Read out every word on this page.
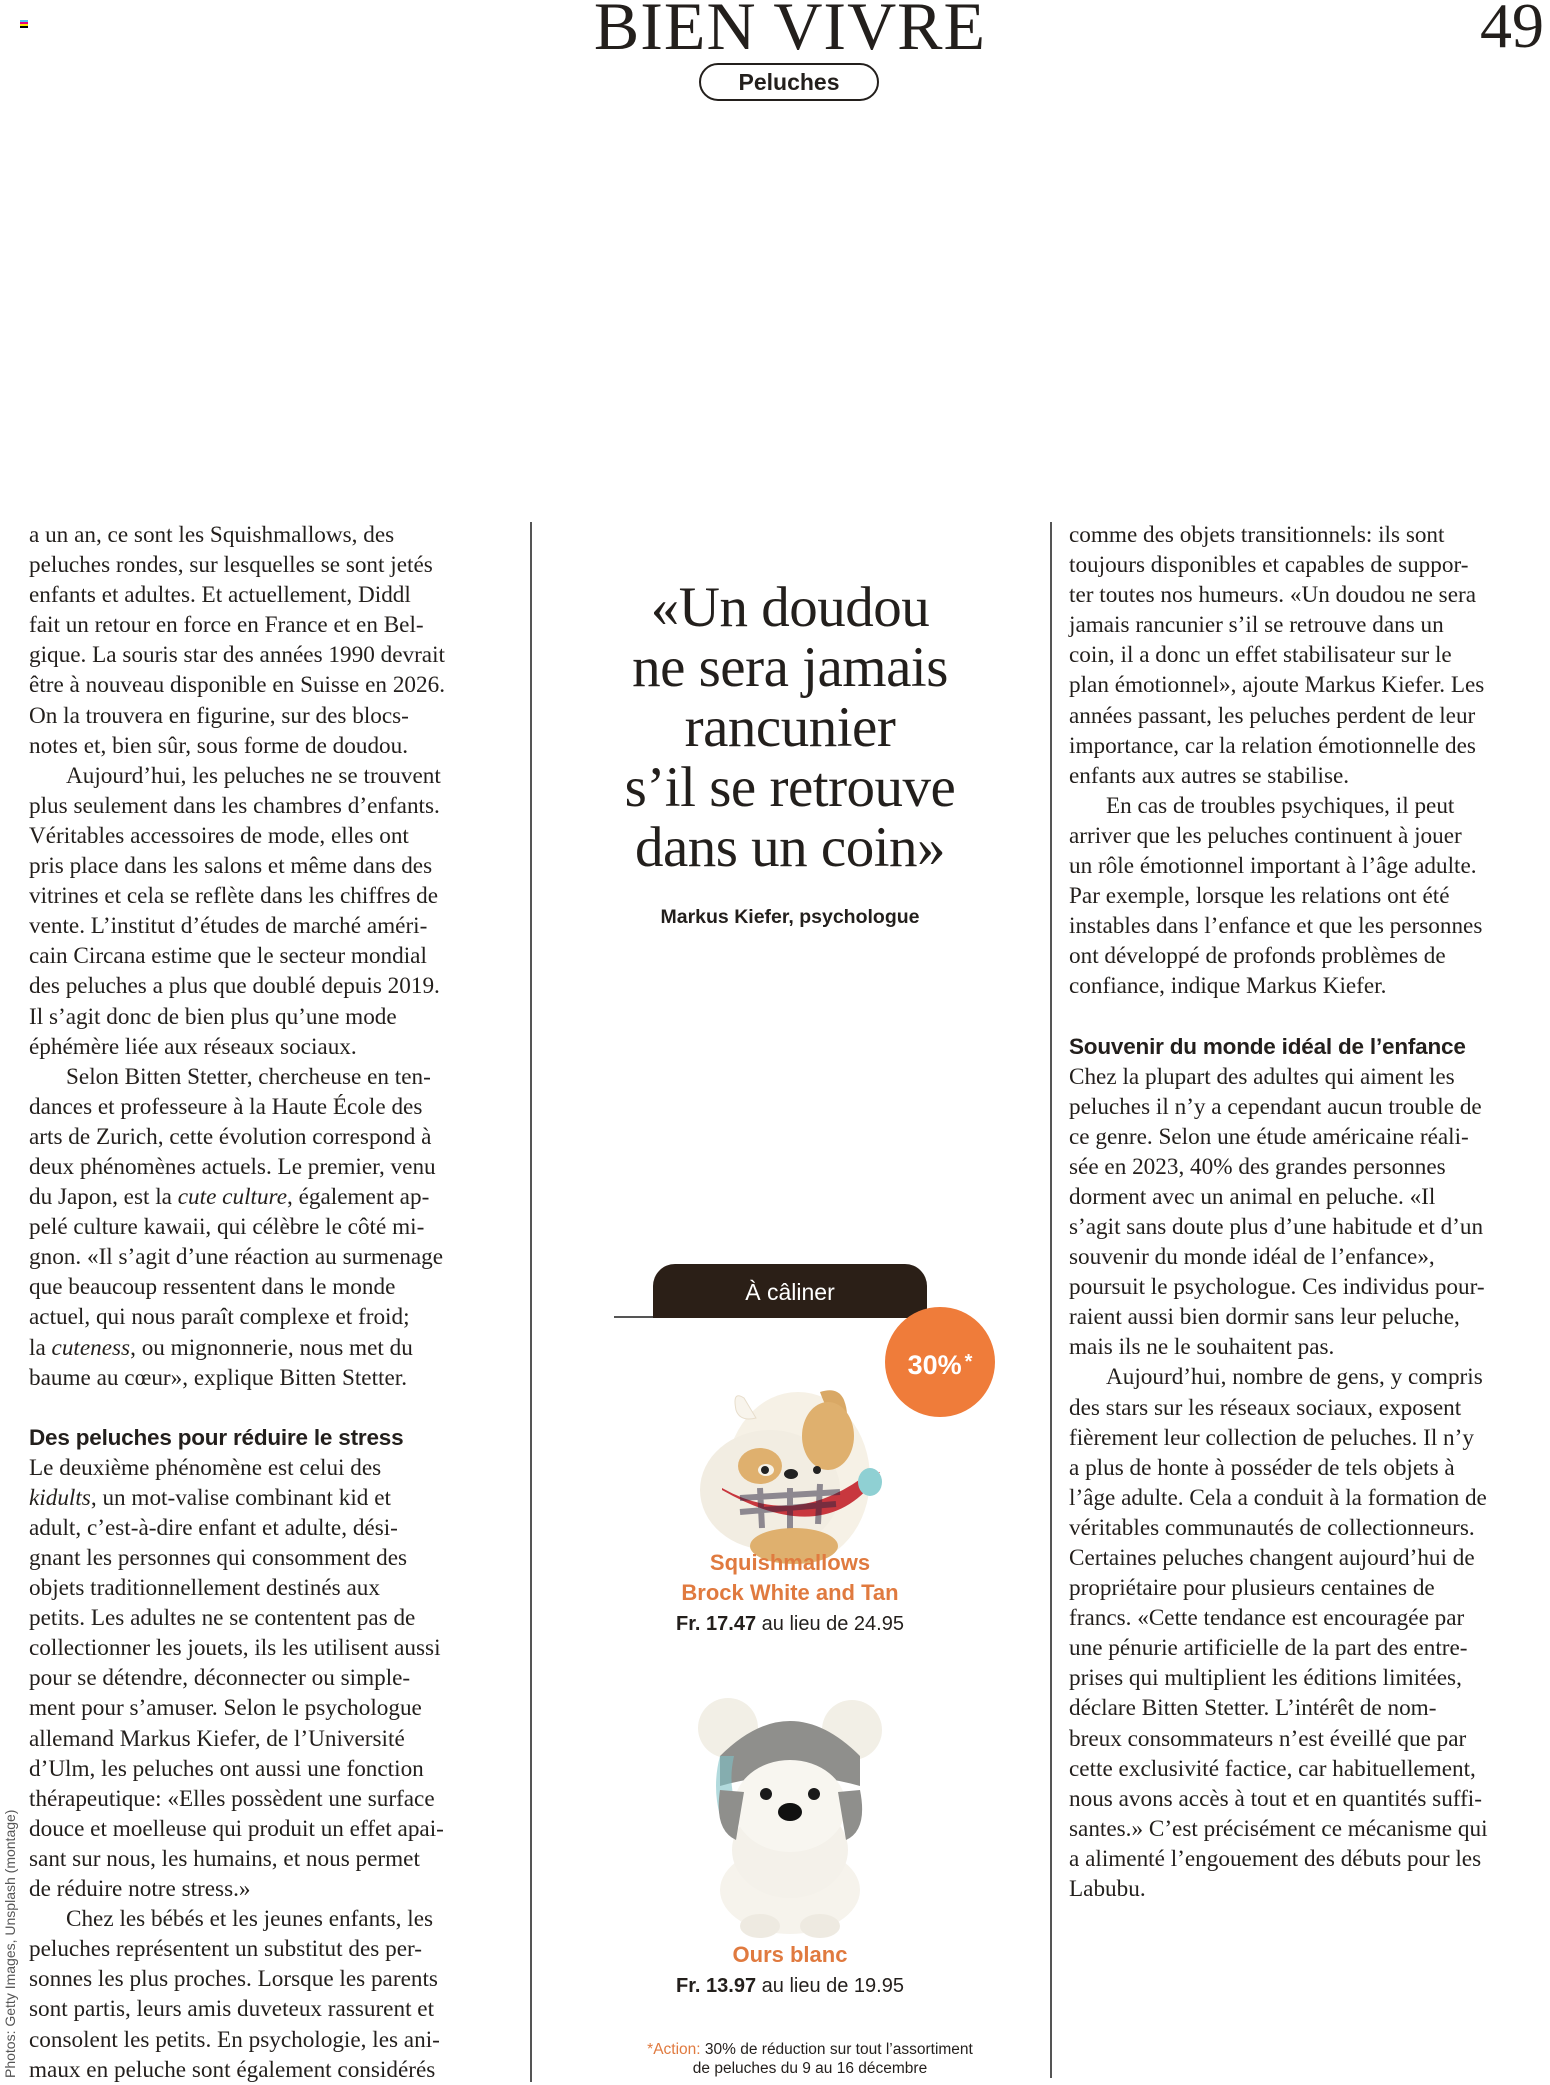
BIEN VIVRE	49
Peluches
Photos: Getty Images, Unsplash (montage)

a un an, ce sont les Squishmallows, des
peluches rondes, sur lesquelles se sont jetés
enfants et adultes. Et actuellement, Diddl
fait un retour en force en France et en Bel-
gique. La souris star des années 1990 devrait
être à nouveau disponible en Suisse en 2026.
On la trouvera en figurine, sur des blocs-
notes et, bien sûr, sous forme de doudou.

Aujourd’hui, les peluches ne se trouvent
plus seulement dans les chambres d’enfants.
Véritables accessoires de mode, elles ont
pris place dans les salons et même dans des
vitrines et cela se reflète dans les chiffres de
vente. L’institut d’études de marché améri-
cain Circana estime que le secteur mondial
des peluches a plus que doublé depuis 2019.
Il s’agit donc de bien plus qu’une mode
éphémère liée aux réseaux sociaux.

Selon Bitten Stetter, chercheuse en ten-
dances et professeure à la Haute École des
arts de Zurich, cette évolution correspond à
deux phénomènes actuels. Le premier, venu
du Japon, est la cute culture, également ap-
pelé culture kawaii, qui célèbre le côté mi-
gnon. «Il s’agit d’une réaction au surmenage
que beaucoup ressentent dans le monde
actuel, qui nous paraît complexe et froid;
la cuteness, ou mignonnerie, nous met du
baume au cœur», explique Bitten Stetter.

Des peluches pour réduire le stress

Le deuxième phénomène est celui des
kidults, un mot-valise combinant kid et
adult, c’est-à-dire enfant et adulte, dési-
gnant les personnes qui consomment des
objets traditionnellement destinés aux
petits. Les adultes ne se contentent pas de
collectionner les jouets, ils les utilisent aussi
pour se détendre, déconnecter ou simple-
ment pour s’amuser. Selon le psychologue
allemand Markus Kiefer, de l’Université
d’Ulm, les peluches ont aussi une fonction
thérapeutique: «Elles possèdent une surface
douce et moelleuse qui produit un effet apai-
sant sur nous, les humains, et nous permet
de réduire notre stress.»

Chez les bébés et les jeunes enfants, les
peluches représentent un substitut des per-
sonnes les plus proches. Lorsque les parents
sont partis, leurs amis duveteux rassurent et
consolent les petits. En psychologie, les ani-
maux en peluche sont également considérés

comme des objets transitionnels: ils sont
toujours disponibles et capables de suppor-
ter toutes nos humeurs. «Un doudou ne sera
jamais rancunier s’il se retrouve dans un
coin, il a donc un effet stabilisateur sur le
plan émotionnel», ajoute Markus Kiefer. Les
années passant, les peluches perdent de leur
importance, car la relation émotionnelle des
enfants aux autres se stabilise.

En cas de troubles psychiques, il peut
arriver que les peluches continuent à jouer
un rôle émotionnel important à l’âge adulte.
Par exemple, lorsque les relations ont été
instables dans l’enfance et que les personnes
ont développé de profonds problèmes de
confiance, indique Markus Kiefer.

Souvenir du monde idéal de l’enfance

Chez la plupart des adultes qui aiment les
peluches il n’y a cependant aucun trouble de
ce genre. Selon une étude américaine réali-
sée en 2023, 40% des grandes personnes
dorment avec un animal en peluche. «Il
s’agit sans doute plus d’une habitude et d’un
souvenir du monde idéal de l’enfance»,
poursuit le psychologue. Ces individus pour-
raient aussi bien dormir sans leur peluche,
mais ils ne le souhaitent pas.

Aujourd’hui, nombre de gens, y compris
des stars sur les réseaux sociaux, exposent
fièrement leur collection de peluches. Il n’y
a plus de honte à posséder de tels objets à
l’âge adulte. Cela a conduit à la formation de
véritables communautés de collectionneurs.
Certaines peluches changent aujourd’hui de
propriétaire pour plusieurs centaines de
francs. «Cette tendance est encouragée par
une pénurie artificielle de la part des entre-
prises qui multiplient les éditions limitées,
déclare Bitten Stetter. L’intérêt de nom-
breux consommateurs n’est éveillé que par
cette exclusivité factice, car habituellement,
nous avons accès à tout et en quantités suffi-
santes.» C’est précisément ce mécanisme qui
a alimenté l’engouement des débuts pour les
Labubu.

«Un doudou
ne sera jamais
rancunier
s’il se retrouve
dans un coin»
Markus Kiefer, psychologue
À câliner
30% *
Squishmallows
Brock White and Tan
Fr. 17.47 au lieu de 24.95
Ours blanc
Fr. 13.97 au lieu de 19.95
*Action: 30% de réduction sur tout l’assortiment
de peluches du 9 au 16 décembre
